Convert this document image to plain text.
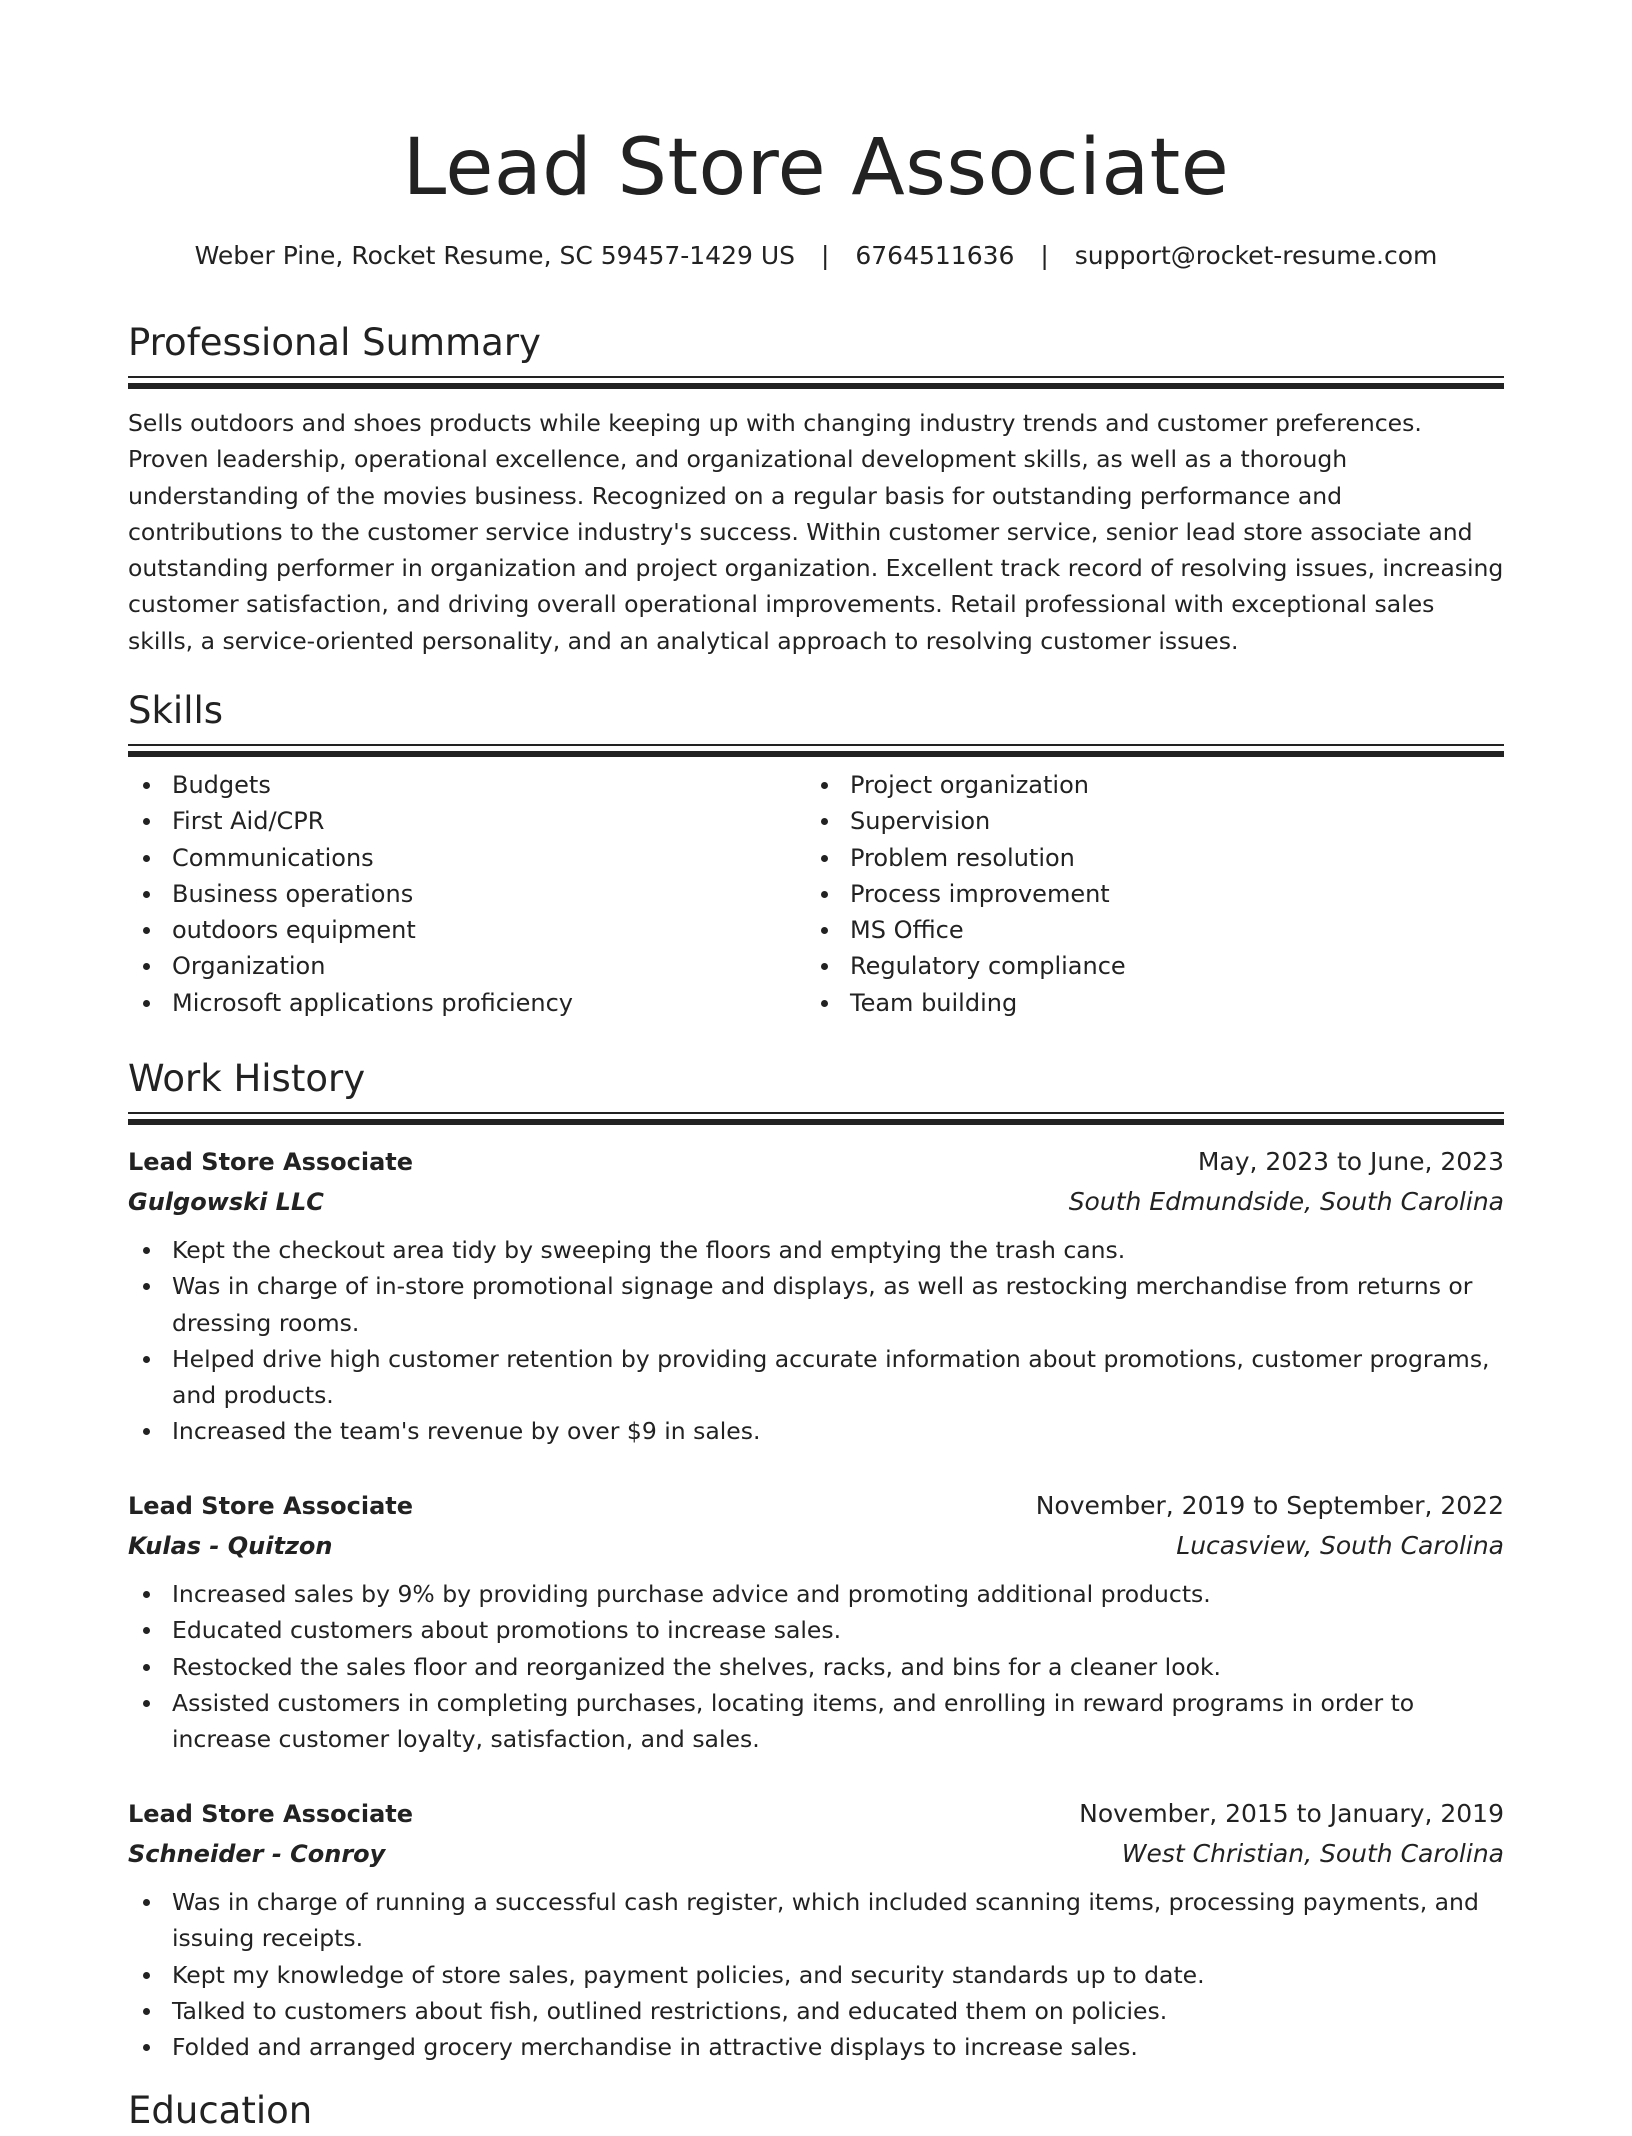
Lead Store Associate
Weber Pine, Rocket Resume, SC 59457-1429 US | 6764511636 | support@rocket-resume.com
Professional Summary
Sells outdoors and shoes products while keeping up with changing industry trends and customer preferences. Proven leadership, operational excellence, and organizational development skills, as well as a thorough understanding of the movies business. Recognized on a regular basis for outstanding performance and contributions to the customer service industry's success. Within customer service, senior lead store associate and outstanding performer in organization and project organization. Excellent track record of resolving issues, increasing customer satisfaction, and driving overall operational improvements. Retail professional with exceptional sales skills, a service-oriented personality, and an analytical approach to resolving customer issues.
Skills
Budgets
First Aid/CPR
Communications
Business operations
outdoors equipment
Organization
Microsoft applications proficiency
Project organization
Supervision
Problem resolution
Process improvement
MS Office
Regulatory compliance
Team building
Work History
Lead Store Associate	May, 2023 to June, 2023
Gulgowski LLC	South Edmundside, South Carolina
Kept the checkout area tidy by sweeping the floors and emptying the trash cans.
Was in charge of in-store promotional signage and displays, as well as restocking merchandise from returns or dressing rooms.
Helped drive high customer retention by providing accurate information about promotions, customer programs, and products.
Increased the team's revenue by over $9 in sales.
Lead Store Associate	November, 2019 to September, 2022
Kulas - Quitzon	Lucasview, South Carolina
Increased sales by 9% by providing purchase advice and promoting additional products.
Educated customers about promotions to increase sales.
Restocked the sales floor and reorganized the shelves, racks, and bins for a cleaner look.
Assisted customers in completing purchases, locating items, and enrolling in reward programs in order to increase customer loyalty, satisfaction, and sales.
Lead Store Associate	November, 2015 to January, 2019
Schneider - Conroy	West Christian, South Carolina
Was in charge of running a successful cash register, which included scanning items, processing payments, and issuing receipts.
Kept my knowledge of store sales, payment policies, and security standards up to date.
Talked to customers about fish, outlined restrictions, and educated them on policies.
Folded and arranged grocery merchandise in attractive displays to increase sales.
Education
